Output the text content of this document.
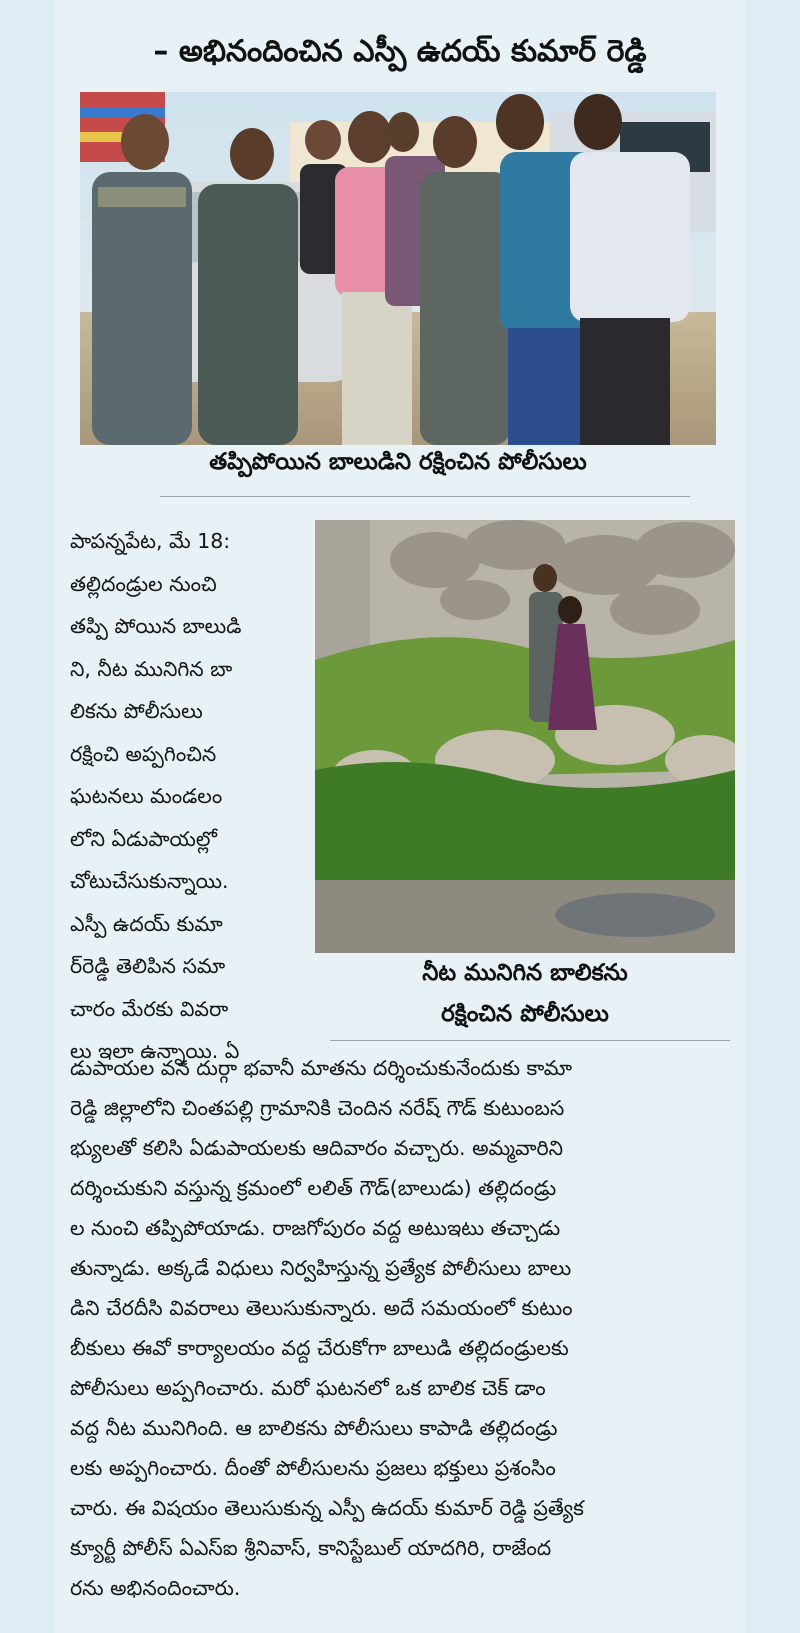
– అభినందించిన ఎస్పీ ఉదయ్ కుమార్ రెడ్డి
తప్పిపోయిన బాలుడిని రక్షించిన పోలీసులు
పాపన్నపేట, మే 18:
తల్లిదండ్రుల నుంచి
తప్పి పోయిన బాలుడి
ని, నీట మునిగిన బా
లికను పోలీసులు
రక్షించి అప్పగించిన
ఘటనలు మండలం
లోని ఏడుపాయల్లో
చోటుచేసుకున్నాయి.
ఎస్పీ ఉదయ్ కుమా
ర్‌రెడ్డి తెలిపిన సమా
చారం మేరకు వివరా
లు ఇలా ఉన్నాయి. ఏ
నీట మునిగిన బాలికను
రక్షించిన పోలీసులు
డుపాయల వన దుర్గా భవానీ మాతను దర్శించుకునేందుకు కామా
రెడ్డి జిల్లాలోని చింతపల్లి గ్రామానికి చెందిన నరేష్ గౌడ్ కుటుంబస
భ్యులతో కలిసి ఏడుపాయలకు ఆదివారం వచ్చారు. అమ్మవారిని
దర్శించుకుని వస్తున్న క్రమంలో లలిత్ గౌడ్(బాలుడు) తల్లిదండ్రు
ల నుంచి తప్పిపోయాడు. రాజగోపురం వద్ద అటుఇటు తచ్చాడు
తున్నాడు. అక్కడే విధులు నిర్వహిస్తున్న ప్రత్యేక పోలీసులు బాలు
డిని చేరదీసి వివరాలు తెలుసుకున్నారు. అదే సమయంలో కుటుం
బీకులు ఈవో కార్యాలయం వద్ద చేరుకోగా బాలుడి తల్లిదండ్రులకు
పోలీసులు అప్పగించారు. మరో ఘటనలో ఒక బాలిక చెక్ డాం
వద్ద నీట మునిగింది. ఆ బాలికను పోలీసులు కాపాడి తల్లిదండ్రు
లకు అప్పగించారు. దీంతో పోలీసులను ప్రజలు భక్తులు ప్రశంసిం
చారు. ఈ విషయం తెలుసుకున్న ఎస్పీ ఉదయ్ కుమార్ రెడ్డి ప్రత్యేక
క్యూర్టీ పోలీస్ ఏఎస్ఐ శ్రీనివాస్, కానిస్టేబుల్ యాదగిరి, రాజేంద
రను అభినందించారు.
